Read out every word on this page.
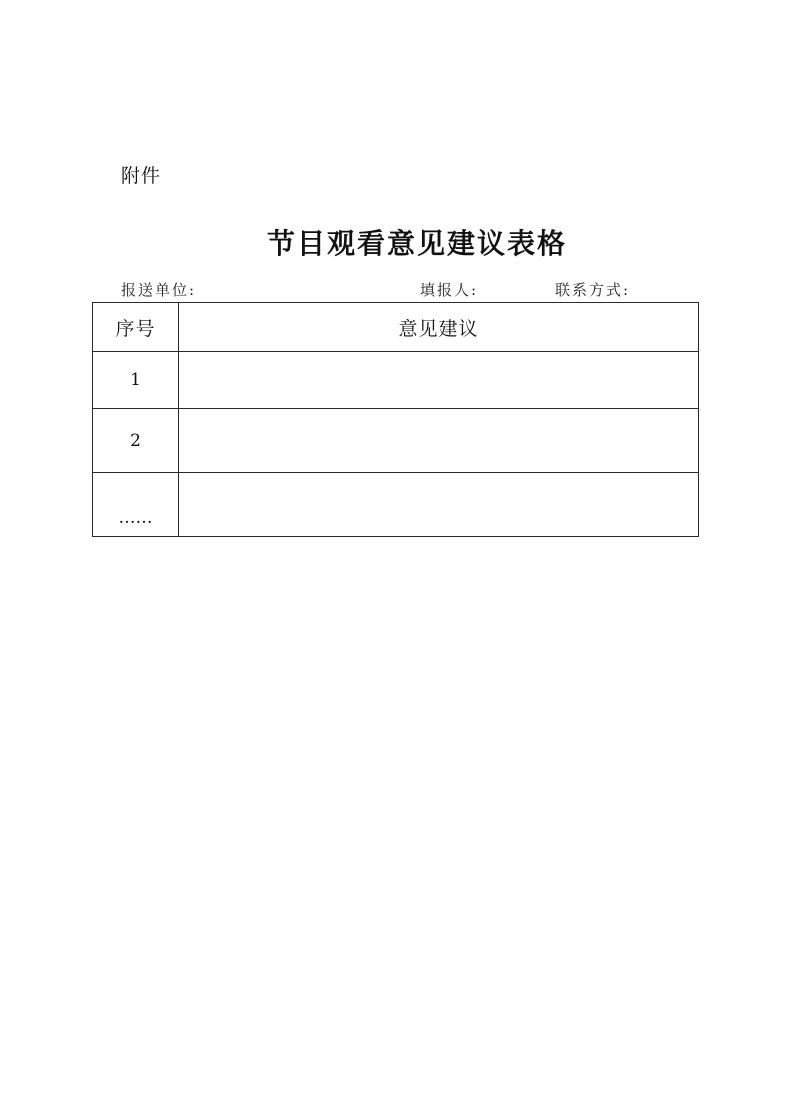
附件
节目观看意见建议表格
报送单位:	填报人:	联系方式:
序号	意见建议
1	
2	
……	
